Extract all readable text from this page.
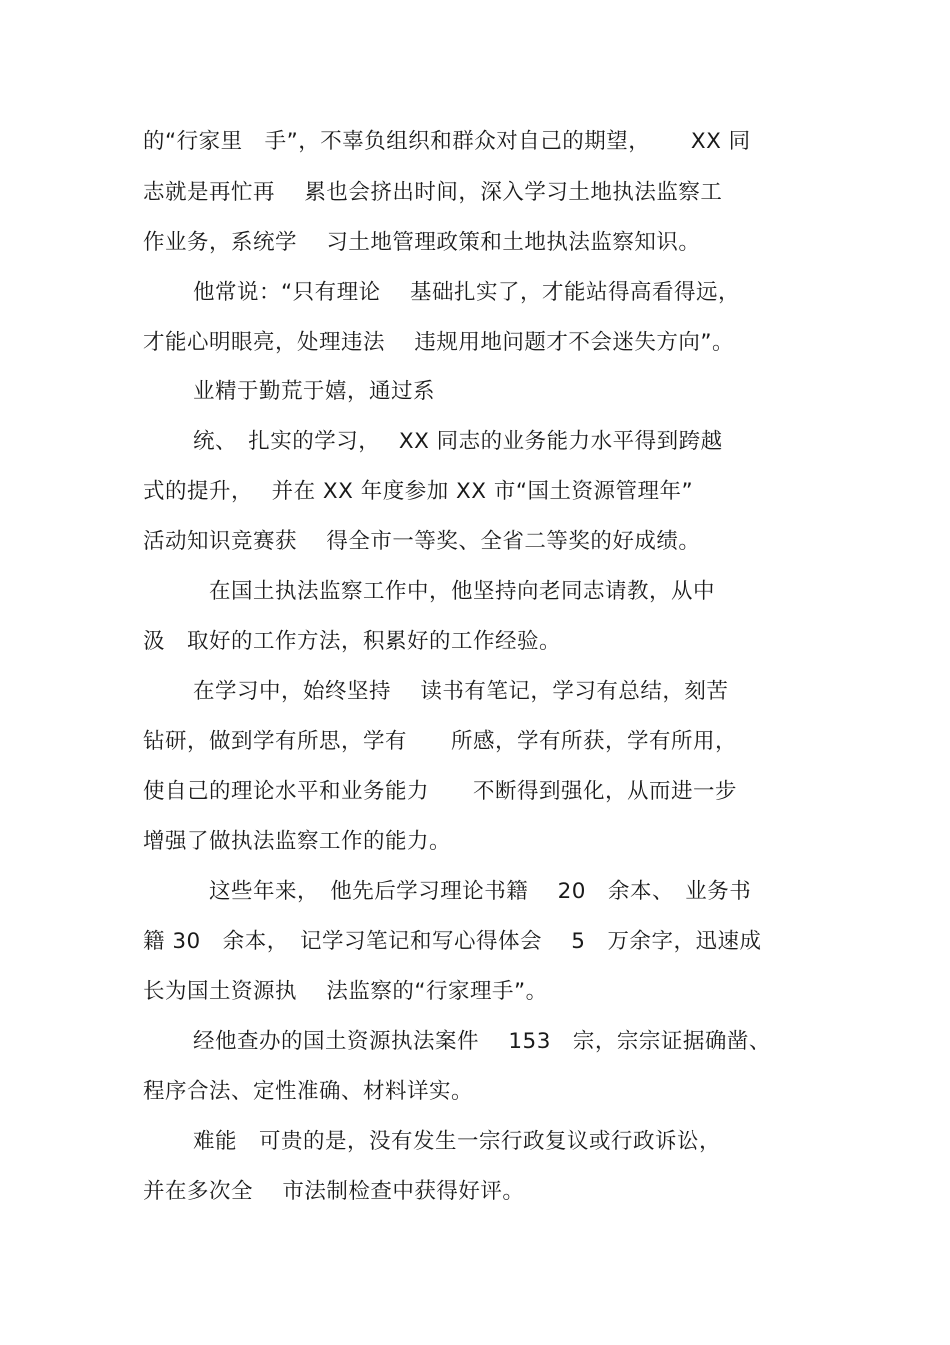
的“行家里　手”，不辜负组织和群众对自己的期望，　　 XX 同
志就是再忙再　 累也会挤出时间，深入学习土地执法监察工
作业务，系统学　 习土地管理政策和土地执法监察知识。
他常说：“只有理论　 基础扎实了，才能站得高看得远，
才能心明眼亮，处理违法　 违规用地问题才不会迷失方向”。
业精于勤荒于嬉，通过系
统、　扎实的学习，　 XX 同志的业务能力水平得到跨越
式的提升，　 并在 XX 年度参加 XX 市“国土资源管理年”
活动知识竞赛获　 得全市一等奖、全省二等奖的好成绩。
在国土执法监察工作中，他坚持向老同志请教，从中
汲　取好的工作方法，积累好的工作经验。
在学习中，始终坚持　 读书有笔记，学习有总结，刻苦
钻研，做到学有所思，学有　　所感，学有所获，学有所用，
使自己的理论水平和业务能力　　不断得到强化，从而进一步
增强了做执法监察工作的能力。
这些年来，　他先后学习理论书籍　 20　余本、　业务书
籍 30　余本，　记学习笔记和写心得体会　 5　万余字，迅速成
长为国土资源执　 法监察的“行家理手”。
经他查办的国土资源执法案件　 153　宗，宗宗证据确凿、
程序合法、定性准确、材料详实。
难能　可贵的是，没有发生一宗行政复议或行政诉讼，
并在多次全　 市法制检查中获得好评。
